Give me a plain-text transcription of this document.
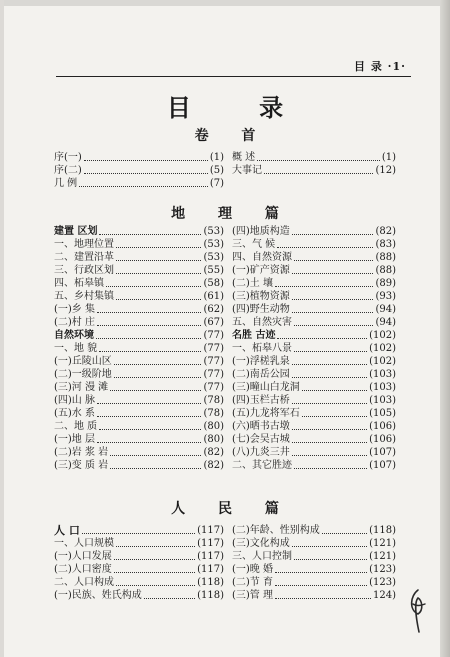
目 录 ·1·
目 录
卷 首
序(一)	(1)
序(二)	(5)
几 例	(7)
概 述	(1)
大事记	(12)
地 理 篇
建置 区划	(53)
一、地理位置	(53)
二、建置沿革	(53)
三、行政区划	(55)
四、柘皋镇	(58)
五、乡村集镇	(61)
(一)乡 集	(62)
(二)村 庄	(67)
自然环境	(77)
一、地 貌	(77)
(一)丘陵山区	(77)
(二)一级阶地	(77)
(三)河 漫 滩	(77)
(四)山 脉	(78)
(五)水 系	(78)
二、地 质	(80)
(一)地 层	(80)
(二)岩 浆 岩	(82)
(三)变 质 岩	(82)
(四)地质构造	(82)
三、气 候	(83)
四、自然资源	(88)
(一)矿产资源	(88)
(二)土 壤	(89)
(三)植物资源	(93)
(四)野生动物	(94)
五、自然灾害	(94)
名胜 古迹	(102)
一、柘皋八景	(102)
(一)浮槎乳泉	(102)
(二)南岳公园	(103)
(三)疃山白龙洞	(103)
(四)玉栏古桥	(103)
(五)九龙将军石	(105)
(六)晒书古墩	(106)
(七)会吴古城	(106)
(八)九炎三井	(107)
二、其它胜迹	(107)
人 民 篇
人 口	(117)
一、人口规模	(117)
(一)人口发展	(117)
(二)人口密度	(117)
二、人口构成	(118)
(一)民族、姓氏构成	(118)
(二)年龄、性别构成	(118)
(三)文化构成	(121)
三、人口控制	(121)
(一)晚 婚	(123)
(二)节 育	(123)
(三)管 理	124)
